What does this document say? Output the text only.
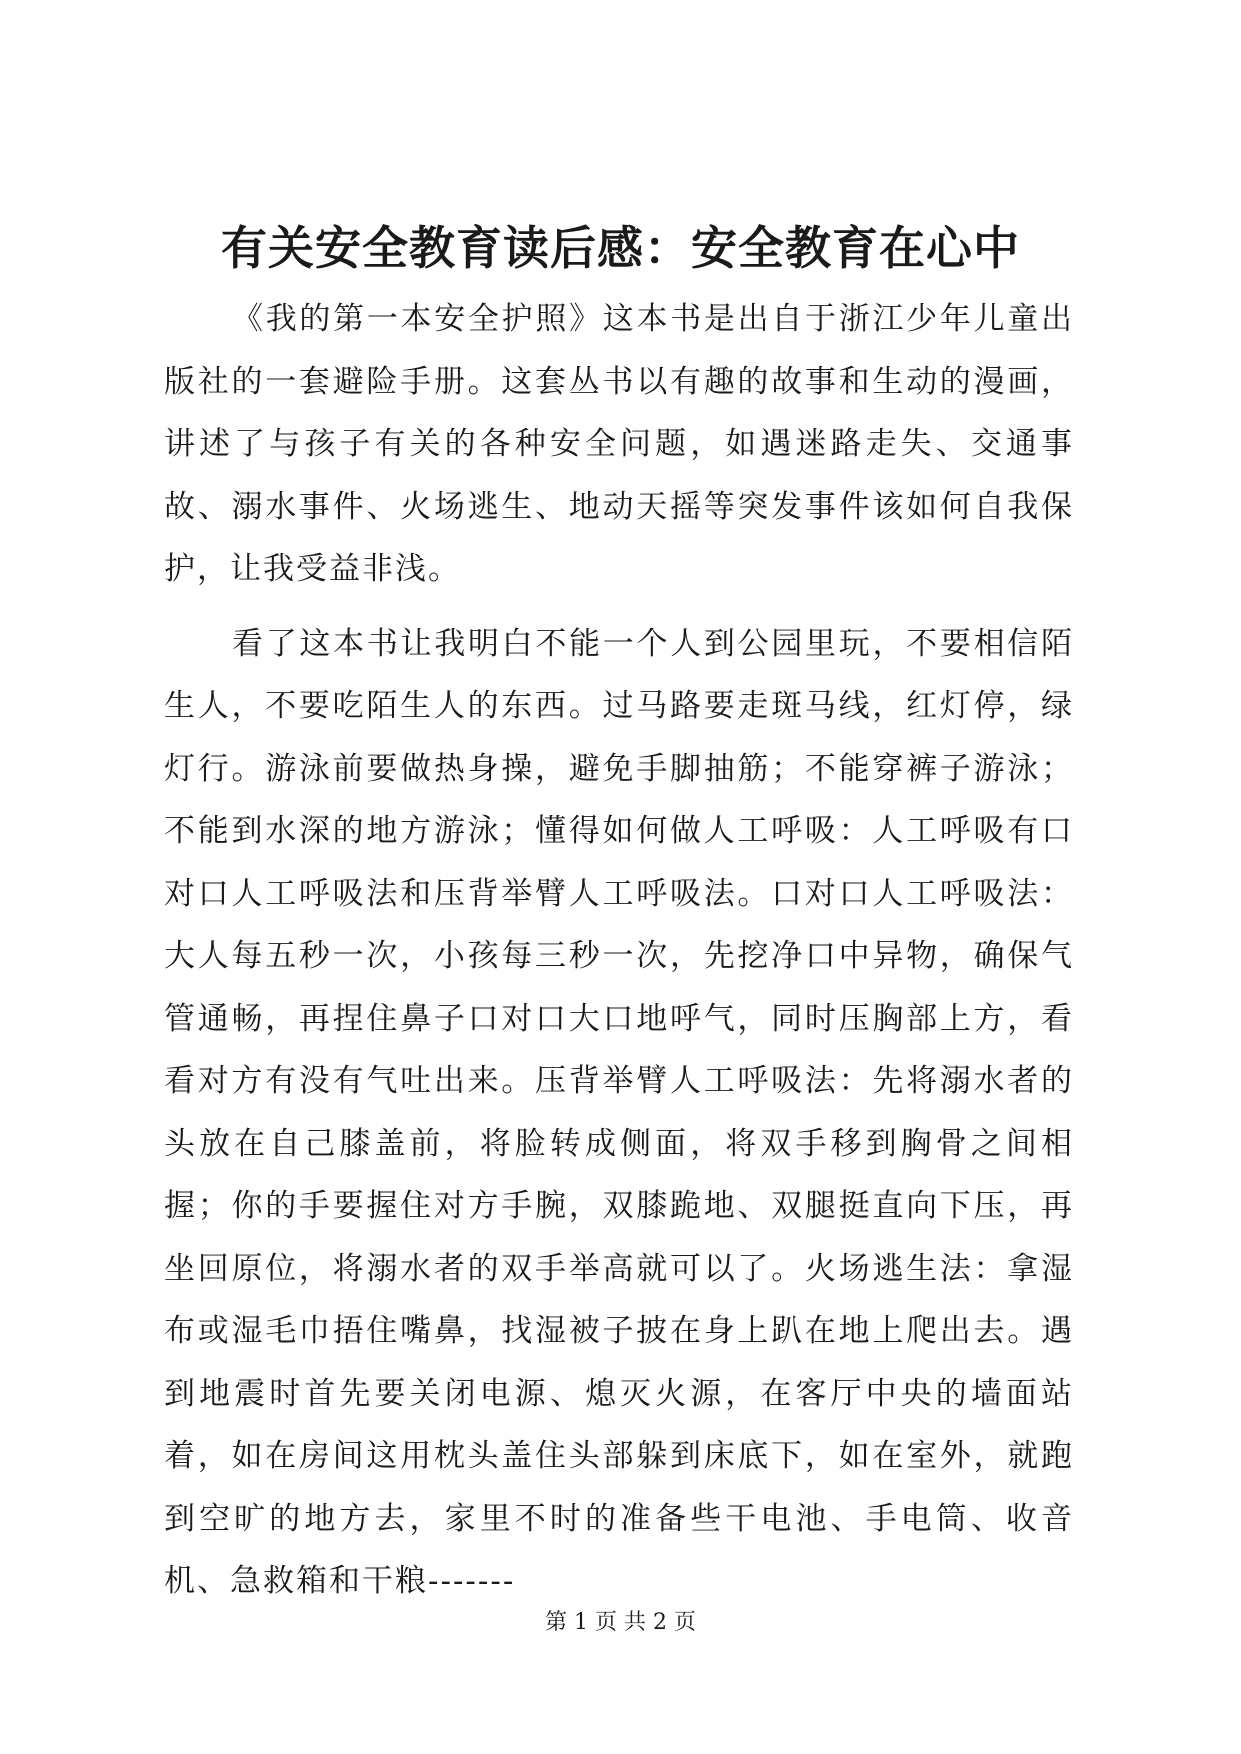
有关安全教育读后感：安全教育在心中

《我的第一本安全护照》这本书是出自于浙江少年儿童出版社的一套避险手册。这套丛书以有趣的故事和生动的漫画，讲述了与孩子有关的各种安全问题，如遇迷路走失、交通事故、溺水事件、火场逃生、地动天摇等突发事件该如何自我保护，让我受益非浅。

看了这本书让我明白不能一个人到公园里玩，不要相信陌生人，不要吃陌生人的东西。过马路要走斑马线，红灯停，绿灯行。游泳前要做热身操，避免手脚抽筋；不能穿裤子游泳；不能到水深的地方游泳；懂得如何做人工呼吸：人工呼吸有口对口人工呼吸法和压背举臂人工呼吸法。口对口人工呼吸法：大人每五秒一次，小孩每三秒一次，先挖净口中异物，确保气管通畅，再捏住鼻子口对口大口地呼气，同时压胸部上方，看看对方有没有气吐出来。压背举臂人工呼吸法：先将溺水者的头放在自己膝盖前，将脸转成侧面，将双手移到胸骨之间相握；你的手要握住对方手腕，双膝跪地、双腿挺直向下压，再坐回原位，将溺水者的双手举高就可以了。火场逃生法：拿湿布或湿毛巾捂住嘴鼻，找湿被子披在身上趴在地上爬出去。遇到地震时首先要关闭电源、熄灭火源，在客厅中央的墙面站着，如在房间这用枕头盖住头部躲到床底下，如在室外，就跑到空旷的地方去，家里不时的准备些干电池、手电筒、收音机、急救箱和干粮-------

第 1 页 共 2 页
